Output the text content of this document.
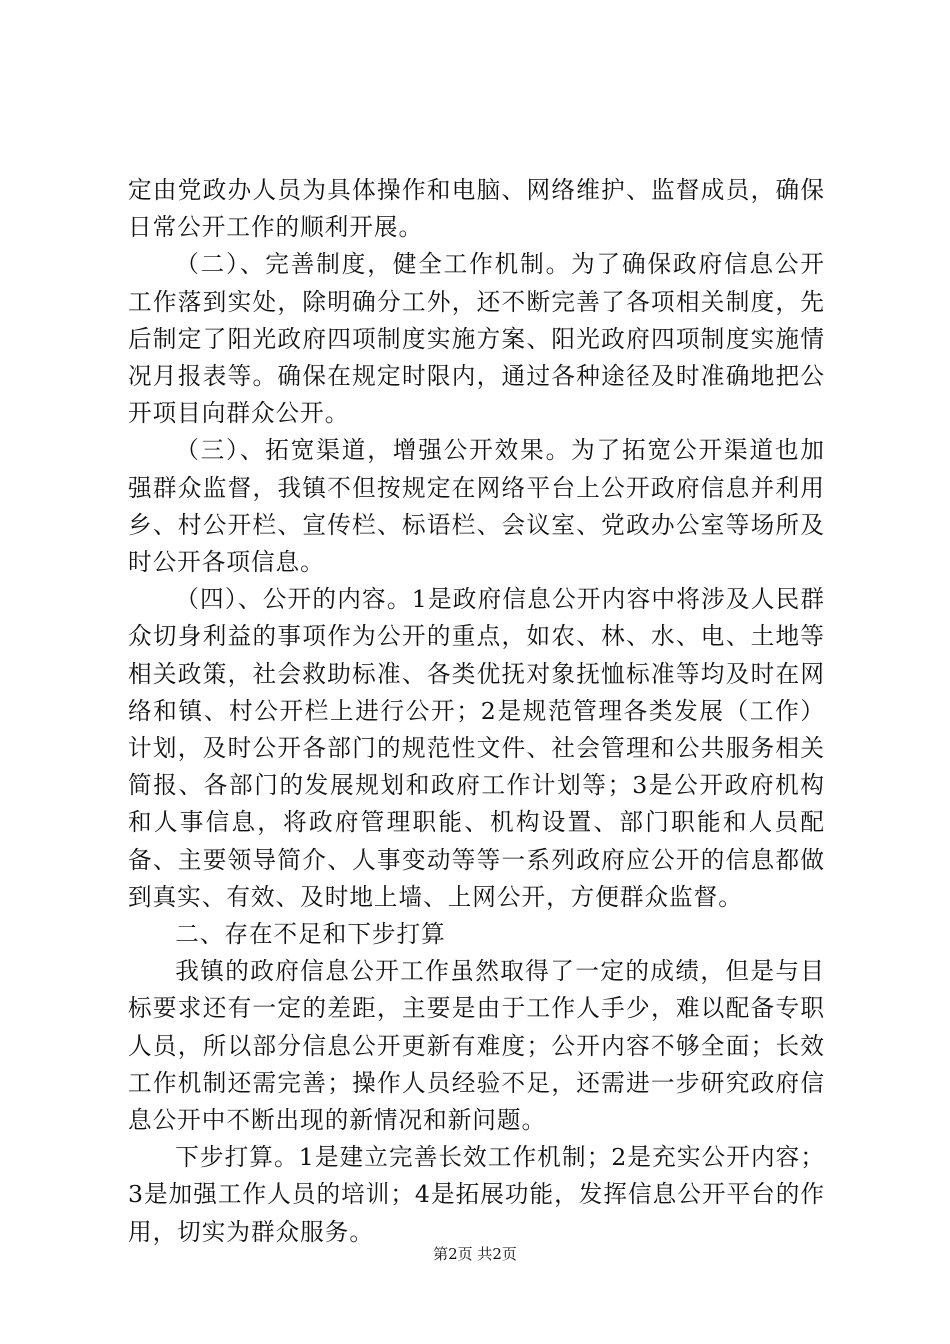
定由党政办人员为具体操作和电脑、网络维护、监督成员，确保日常公开工作的顺利开展。

（二）、完善制度，健全工作机制。为了确保政府信息公开工作落到实处，除明确分工外，还不断完善了各项相关制度，先后制定了阳光政府四项制度实施方案、阳光政府四项制度实施情况月报表等。确保在规定时限内，通过各种途径及时准确地把公开项目向群众公开。

（三）、拓宽渠道，增强公开效果。为了拓宽公开渠道也加强群众监督，我镇不但按规定在网络平台上公开政府信息并利用乡、村公开栏、宣传栏、标语栏、会议室、党政办公室等场所及时公开各项信息。

（四）、公开的内容。1是政府信息公开内容中将涉及人民群众切身利益的事项作为公开的重点，如农、林、水、电、土地等相关政策，社会救助标准、各类优抚对象抚恤标准等均及时在网络和镇、村公开栏上进行公开；2是规范管理各类发展（工作）计划，及时公开各部门的规范性文件、社会管理和公共服务相关简报、各部门的发展规划和政府工作计划等；3是公开政府机构和人事信息，将政府管理职能、机构设置、部门职能和人员配备、主要领导简介、人事变动等等一系列政府应公开的信息都做到真实、有效、及时地上墙、上网公开，方便群众监督。

二、存在不足和下步打算

我镇的政府信息公开工作虽然取得了一定的成绩，但是与目标要求还有一定的差距，主要是由于工作人手少，难以配备专职人员，所以部分信息公开更新有难度；公开内容不够全面；长效工作机制还需完善；操作人员经验不足，还需进一步研究政府信息公开中不断出现的新情况和新问题。

下步打算。1是建立完善长效工作机制；2是充实公开内容；3是加强工作人员的培训；4是拓展功能，发挥信息公开平台的作用，切实为群众服务。

第2页 共2页
